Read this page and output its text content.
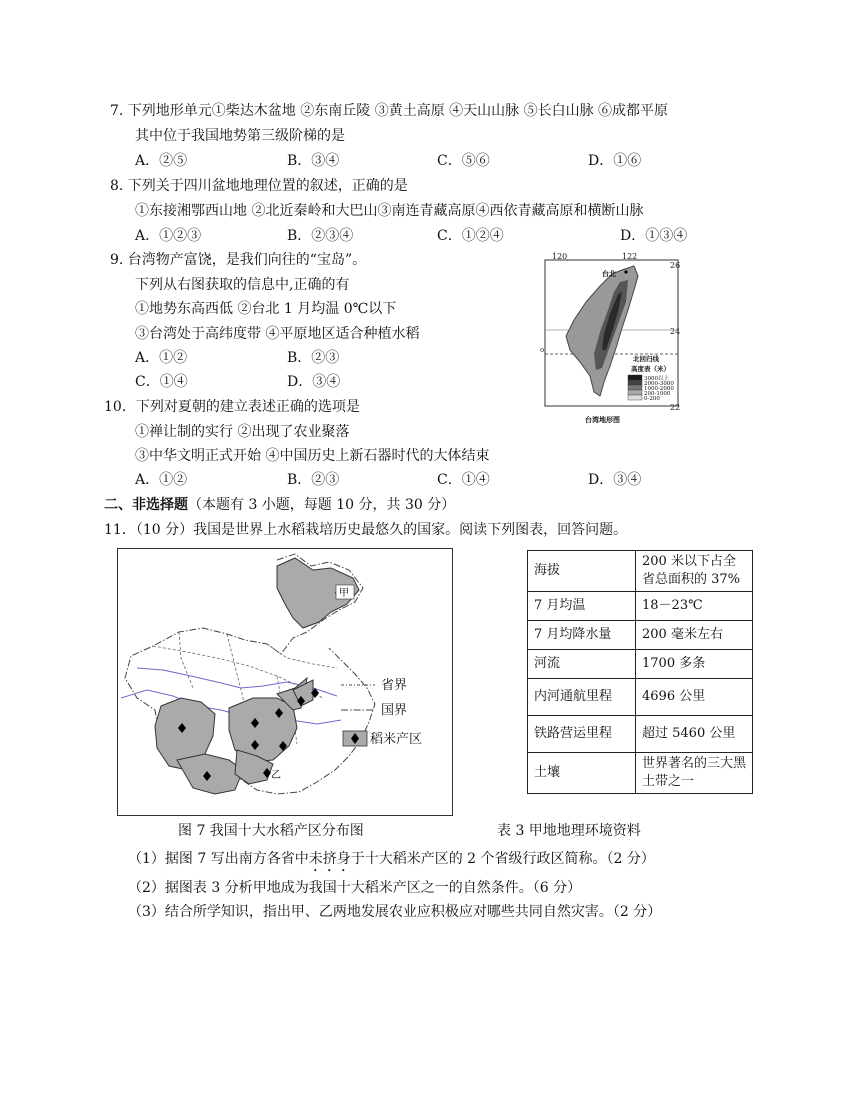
7. 下列地形单元①柴达木盆地 ②东南丘陵 ③黄土高原 ④天山山脉 ⑤长白山脉 ⑥成都平原
其中位于我国地势第三级阶梯的是
A．②⑤	B．③④	C．⑤⑥	D．①⑥
8. 下列关于四川盆地地理位置的叙述，正确的是
①东接湘鄂西山地 ②北近秦岭和大巴山③南连青藏高原④西依青藏高原和横断山脉
A．①②③	B．②③④	C．①②④	D．①③④
9. 台湾物产富饶，是我们向往的“宝岛”。
下列从右图获取的信息中,正确的有
①地势东高西低 ②台北 1 月均温 0℃以下
③台湾处于高纬度带 ④平原地区适合种植水稻
A．①②	B．②③
C．①④	D．③④
120	122
26
24
22
o
台北
北回归线
高度表（米）
3000以上
2000-3000
1000-2000
200-1000
0-200
台湾地形图
10．下列对夏朝的建立表述正确的选项是
①禅让制的实行 ②出现了农业聚落
③中华文明正式开始 ④中国历史上新石器时代的大体结束
A．①②	B．②③	C．①④	D．③④
二、非选择题（本题有 3 小题，每题 10 分，共 30 分）
11．（10 分）我国是世界上水稻栽培历史最悠久的国家。阅读下列图表，回答问题。
甲
乙
省界
国界
稻米产区
海拔	200 米以下占全省总面积的 37%
7 月均温	18－23℃
7 月均降水量	200 毫米左右
河流	1700 多条
内河通航里程	4696 公里
铁路营运里程	超过 5460 公里
土壤	世界著名的三大黑土带之一
图 7 我国十大水稻产区分布图	表 3 甲地地理环境资料
（1）据图 7 写出南方各省中未挤身于十大稻米产区的 2 个省级行政区简称。（2 分）
（2）据图表 3 分析甲地成为我国十大稻米产区之一的自然条件。（6 分）
（3）结合所学知识，指出甲、乙两地发展农业应积极应对哪些共同自然灾害。（2 分）
